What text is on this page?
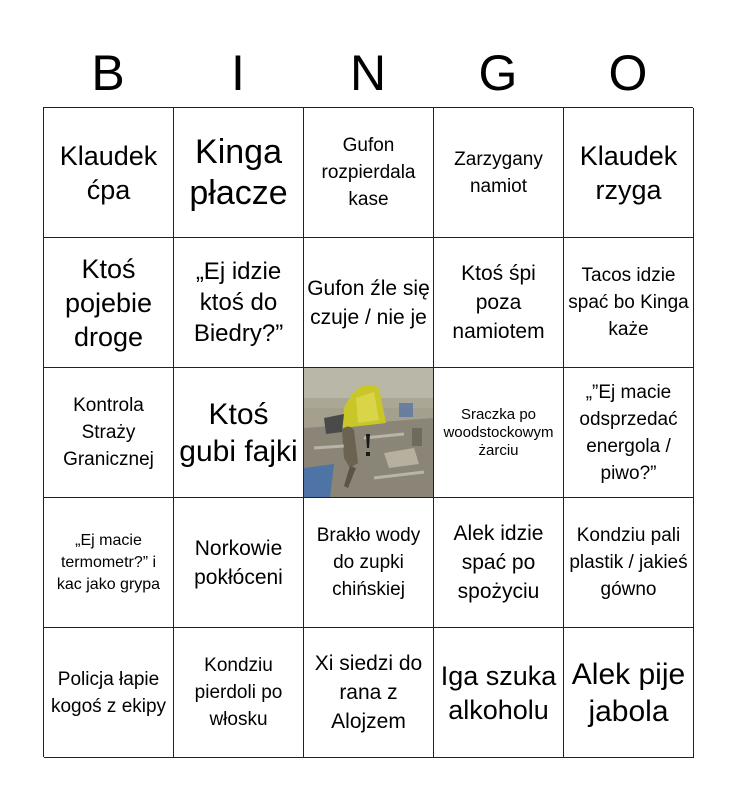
B	I	N	G	O
Klaudek ćpa
Kinga płacze
Gufon rozpierdala kase
Zarzygany namiot
Klaudek rzyga
Ktoś pojebie droge
„Ej idzie ktoś do Biedry?”
Gufon źle się czuje / nie je
Ktoś śpi poza namiotem
Tacos idzie spać bo Kinga każe
Kontrola Straży Granicznej
Ktoś gubi fajki
Sraczka po woodstockowym żarciu
„”Ej macie odsprzedać energola / piwo?”
„Ej macie termometr?” i kac jako grypa
Norkowie pokłóceni
Brakło wody do zupki chińskiej
Alek idzie spać po spożyciu
Kondziu pali plastik / jakieś gówno
Policja łapie kogoś z ekipy
Kondziu pierdoli po włosku
Xi siedzi do rana z Alojzem
Iga szuka alkoholu
Alek pije jabola
